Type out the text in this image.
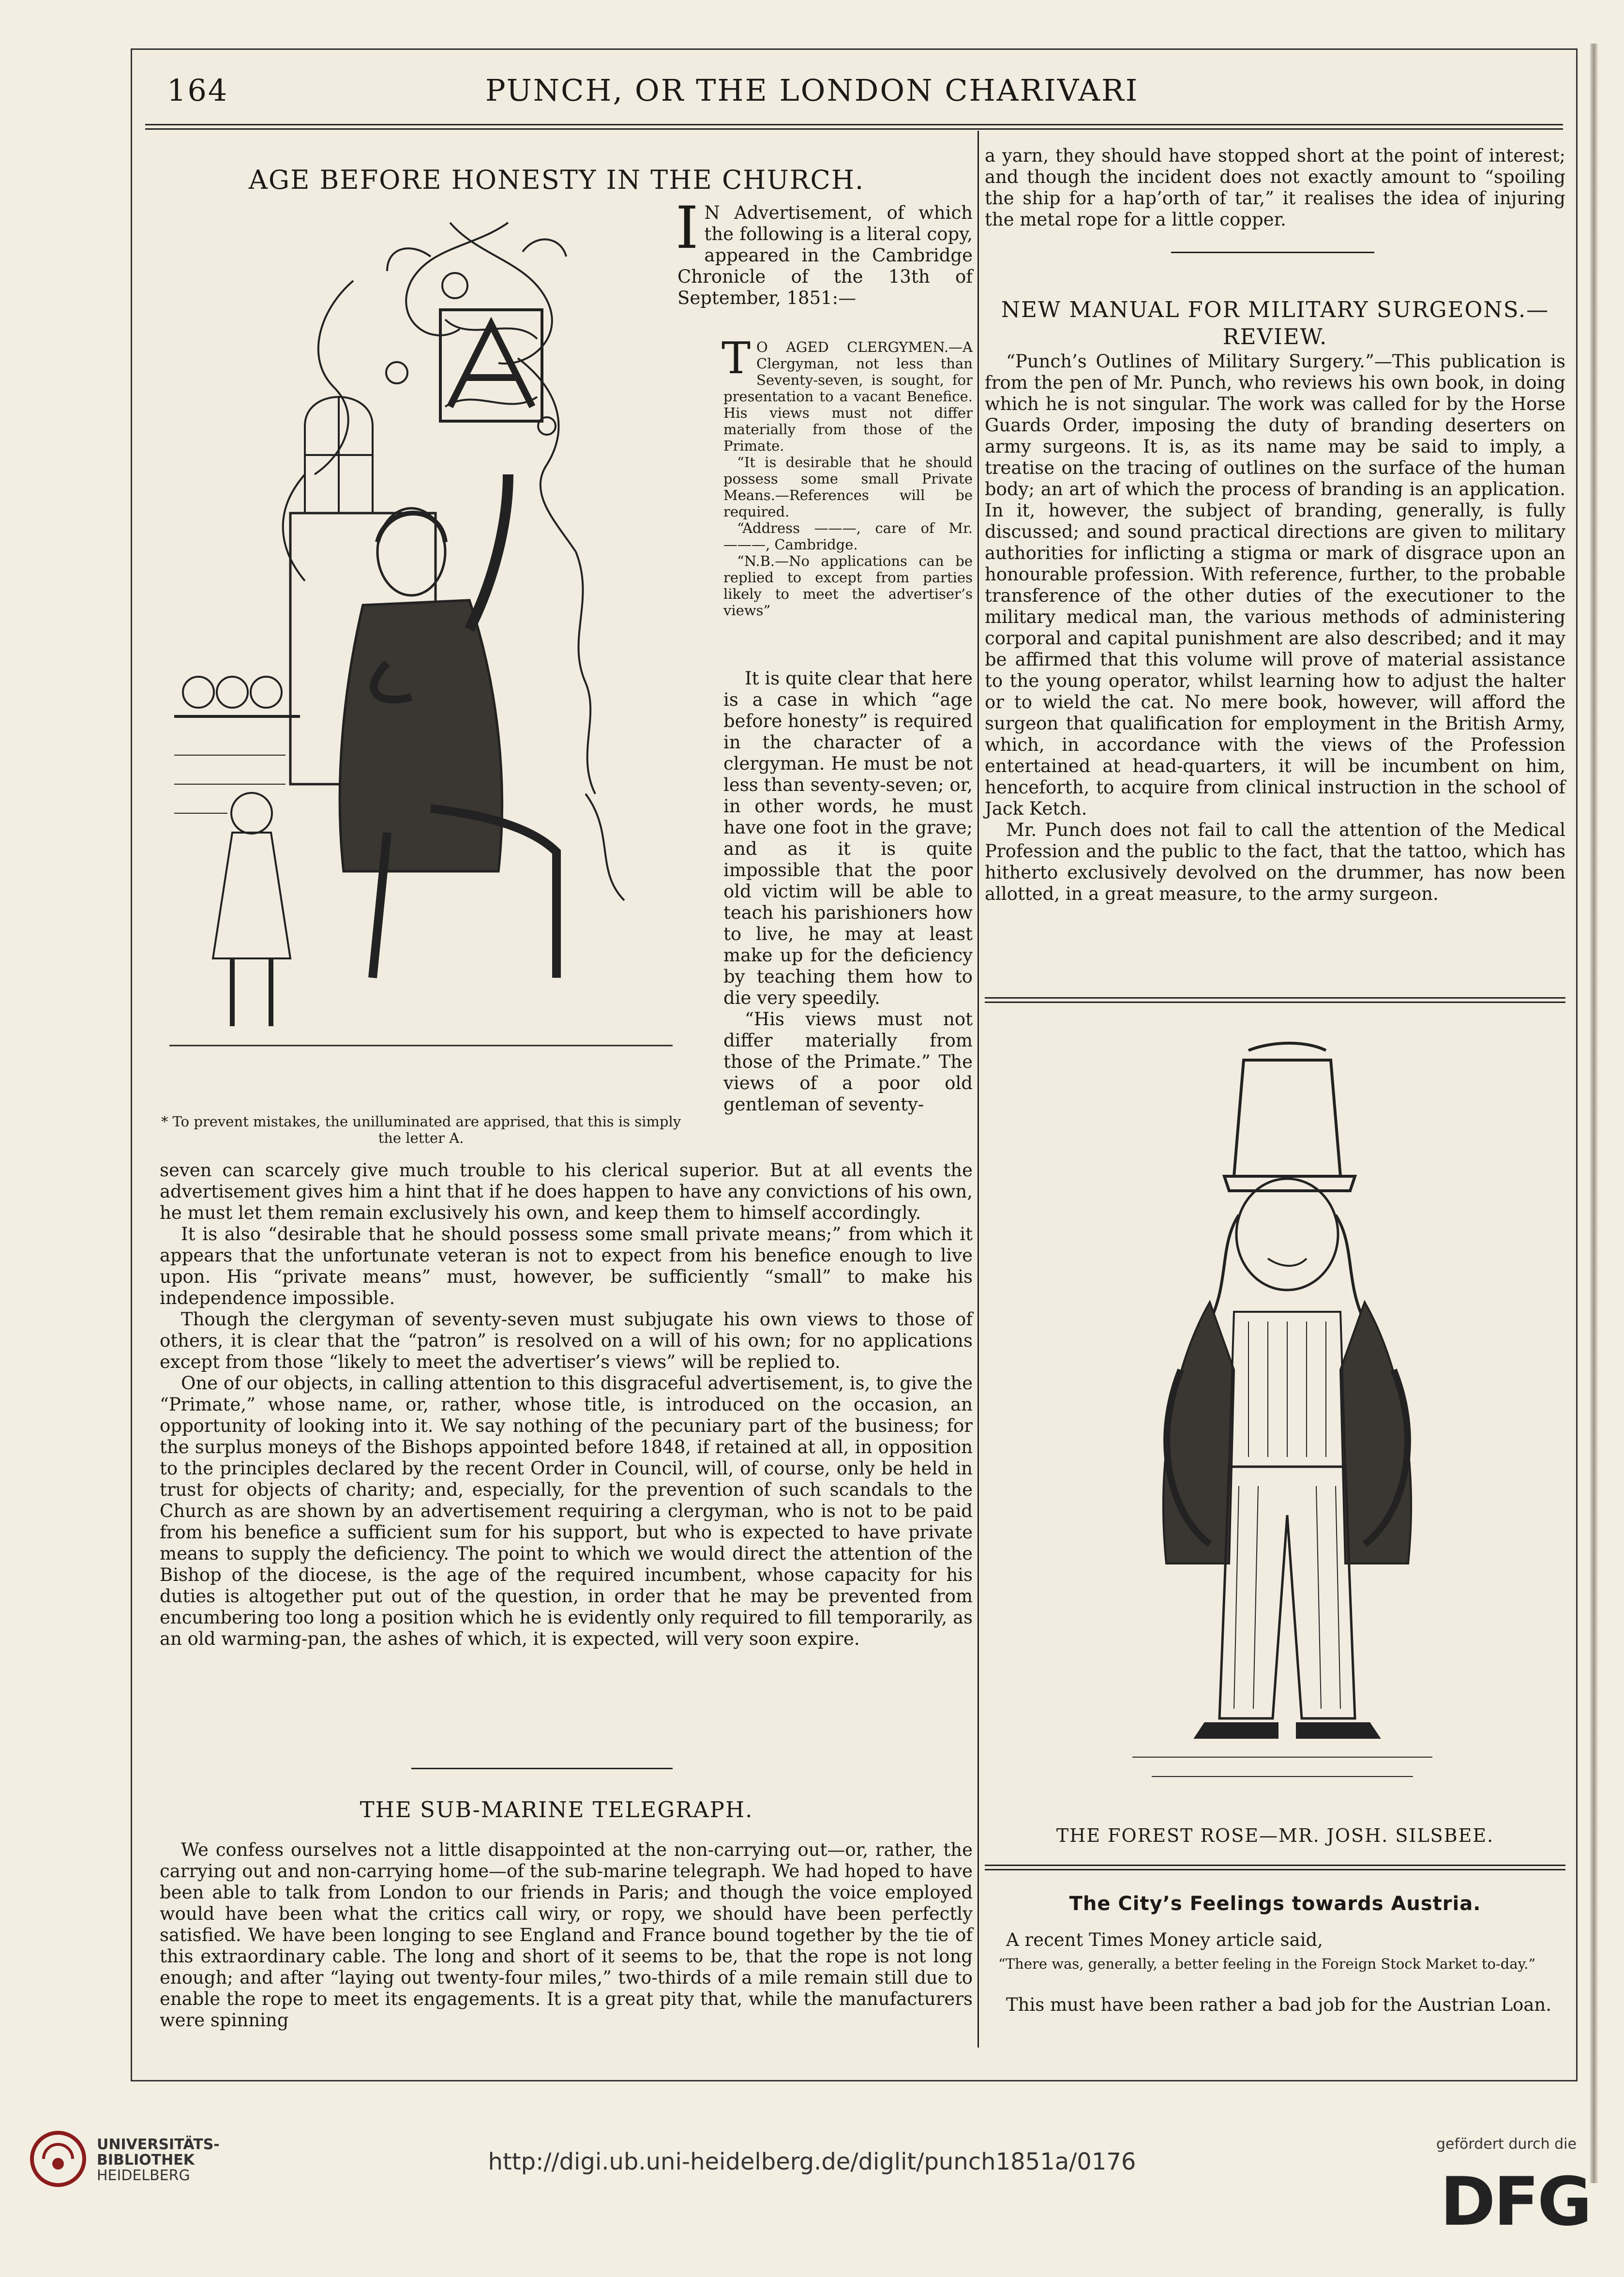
164	PUNCH, OR THE LONDON CHARIVARI
AGE BEFORE HONESTY IN THE CHURCH.
* To prevent mistakes, the unilluminated are apprised, that this is simply the letter A.

I N Advertisement, of which the following is a literal copy, appeared in the Cambridge Chronicle of the 13th of September, 1851:—

T O AGED CLERGYMEN.—A Clergyman, not less than Seventy-seven, is sought, for presentation to a vacant Benefice. His views must not differ materially from those of the Primate.

“It is desirable that he should possess some small Private Means.—References will be required.

“Address ———, care of Mr. ———, Cambridge.

“N.B.—No applications can be replied to except from parties likely to meet the advertiser’s views”

It is quite clear that here is a case in which “age before honesty” is required in the character of a clergyman. He must be not less than seventy-seven; or, in other words, he must have one foot in the grave; and as it is quite impossible that the poor old victim will be able to teach his parishioners how to live, he may at least make up for the deficiency by teaching them how to die very speedily.

“His views must not differ materially from those of the Primate.” The views of a poor old gentleman of seventy-

seven can scarcely give much trouble to his clerical superior. But at all events the advertisement gives him a hint that if he does happen to have any convictions of his own, he must let them remain exclusively his own, and keep them to himself accordingly.

It is also “desirable that he should possess some small private means;” from which it appears that the unfortunate veteran is not to expect from his benefice enough to live upon. His “private means” must, however, be sufficiently “small” to make his independence impossible.

Though the clergyman of seventy-seven must subjugate his own views to those of others, it is clear that the “patron” is resolved on a will of his own; for no applications except from those “likely to meet the advertiser’s views” will be replied to.

One of our objects, in calling attention to this disgraceful advertisement, is, to give the “Primate,” whose name, or, rather, whose title, is introduced on the occasion, an opportunity of looking into it. We say nothing of the pecuniary part of the business; for the surplus moneys of the Bishops appointed before 1848, if retained at all, in opposition to the principles declared by the recent Order in Council, will, of course, only be held in trust for objects of charity; and, especially, for the prevention of such scandals to the Church as are shown by an advertisement requiring a clergyman, who is not to be paid from his benefice a sufficient sum for his support, but who is expected to have private means to supply the deficiency. The point to which we would direct the attention of the Bishop of the diocese, is the age of the required incumbent, whose capacity for his duties is altogether put out of the question, in order that he may be prevented from encumbering too long a position which he is evidently only required to fill temporarily, as an old warming-pan, the ashes of which, it is expected, will very soon expire.

THE SUB-MARINE TELEGRAPH.

We confess ourselves not a little disappointed at the non-carrying out—or, rather, the carrying out and non-carrying home—of the sub-marine telegraph. We had hoped to have been able to talk from London to our friends in Paris; and though the voice employed would have been what the critics call wiry, or ropy, we should have been perfectly satisfied. We have been longing to see England and France bound together by the tie of this extraordinary cable. The long and short of it seems to be, that the rope is not long enough; and after “laying out twenty-four miles,” two-thirds of a mile remain still due to enable the rope to meet its engagements. It is a great pity that, while the manufacturers were spinning

a yarn, they should have stopped short at the point of interest; and though the incident does not exactly amount to “spoiling the ship for a hap’orth of tar,” it realises the idea of injuring the metal rope for a little copper.

NEW MANUAL FOR MILITARY SURGEONS.—REVIEW.

“Punch’s Outlines of Military Surgery.”—This publication is from the pen of Mr. Punch, who reviews his own book, in doing which he is not singular. The work was called for by the Horse Guards Order, imposing the duty of branding deserters on army surgeons. It is, as its name may be said to imply, a treatise on the tracing of outlines on the surface of the human body; an art of which the process of branding is an application. In it, however, the subject of branding, generally, is fully discussed; and sound practical directions are given to military authorities for inflicting a stigma or mark of disgrace upon an honourable profession. With reference, further, to the probable transference of the other duties of the executioner to the military medical man, the various methods of administering corporal and capital punishment are also described; and it may be affirmed that this volume will prove of material assistance to the young operator, whilst learning how to adjust the halter or to wield the cat. No mere book, however, will afford the surgeon that qualification for employment in the British Army, which, in accordance with the views of the Profession entertained at head-quarters, it will be incumbent on him, henceforth, to acquire from clinical instruction in the school of Jack Ketch.

Mr. Punch does not fail to call the attention of the Medical Profession and the public to the fact, that the tattoo, which has hitherto exclusively devolved on the drummer, has now been allotted, in a great measure, to the army surgeon.

THE FOREST ROSE—MR. JOSH. SILSBEE.
The City’s Feelings towards Austria.

A recent Times Money article said,

“There was, generally, a better feeling in the Foreign Stock Market to-day.”

This must have been rather a bad job for the Austrian Loan.

UNIVERSITÄTS-
BIBLIOTHEK
HEIDELBERG
http://digi.ub.uni-heidelberg.de/diglit/punch1851a/0176
gefördert durch die
DFG
